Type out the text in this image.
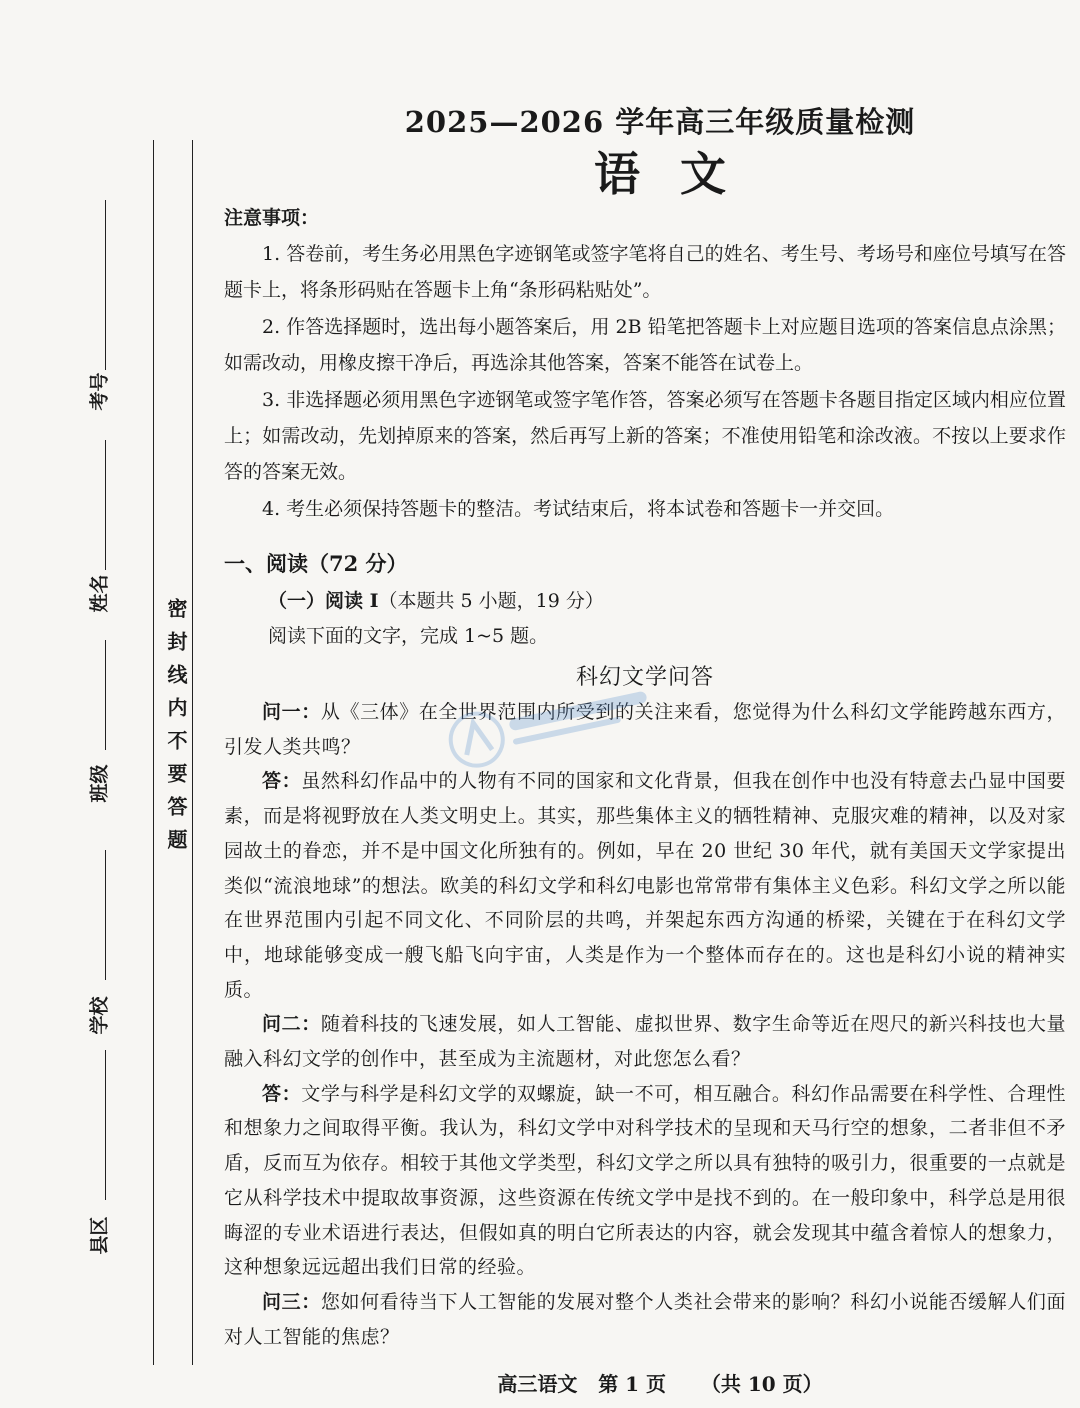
考号
姓名
班级
学校
县区
密封线内不要答题
2025—2026 学年高三年级质量检测
语文
注意事项：

1. 答卷前，考生务必用黑色字迹钢笔或签字笔将自己的姓名、考生号、考场号和座位号填写在答题卡上，将条形码贴在答题卡上角“条形码粘贴处”。

2. 作答选择题时，选出每小题答案后，用 2B 铅笔把答题卡上对应题目选项的答案信息点涂黑；如需改动，用橡皮擦干净后，再选涂其他答案，答案不能答在试卷上。

3. 非选择题必须用黑色字迹钢笔或签字笔作答，答案必须写在答题卡各题目指定区域内相应位置上；如需改动，先划掉原来的答案，然后再写上新的答案；不准使用铅笔和涂改液。不按以上要求作答的答案无效。

4. 考生必须保持答题卡的整洁。考试结束后，将本试卷和答题卡一并交回。

一、阅读（72 分）
（一）阅读 I（本题共 5 小题，19 分）
阅读下面的文字，完成 1~5 题。
科幻文学问答

问一：从《三体》在全世界范围内所受到的关注来看，您觉得为什么科幻文学能跨越东西方，引发人类共鸣？

答：虽然科幻作品中的人物有不同的国家和文化背景，但我在创作中也没有特意去凸显中国要素，而是将视野放在人类文明史上。其实，那些集体主义的牺牲精神、克服灾难的精神，以及对家园故土的眷恋，并不是中国文化所独有的。例如，早在 20 世纪 30 年代，就有美国天文学家提出类似“流浪地球”的想法。欧美的科幻文学和科幻电影也常常带有集体主义色彩。科幻文学之所以能在世界范围内引起不同文化、不同阶层的共鸣，并架起东西方沟通的桥梁，关键在于在科幻文学中，地球能够变成一艘飞船飞向宇宙，人类是作为一个整体而存在的。这也是科幻小说的精神实质。

问二：随着科技的飞速发展，如人工智能、虚拟世界、数字生命等近在咫尺的新兴科技也大量融入科幻文学的创作中，甚至成为主流题材，对此您怎么看？

答：文学与科学是科幻文学的双螺旋，缺一不可，相互融合。科幻作品需要在科学性、合理性和想象力之间取得平衡。我认为，科幻文学中对科学技术的呈现和天马行空的想象，二者非但不矛盾，反而互为依存。相较于其他文学类型，科幻文学之所以具有独特的吸引力，很重要的一点就是它从科学技术中提取故事资源，这些资源在传统文学中是找不到的。在一般印象中，科学总是用很晦涩的专业术语进行表达，但假如真的明白它所表达的内容，就会发现其中蕴含着惊人的想象力，这种想象远远超出我们日常的经验。

问三：您如何看待当下人工智能的发展对整个人类社会带来的影响？科幻小说能否缓解人们面对人工智能的焦虑？

高三语文 第 1 页 （共 10 页）
